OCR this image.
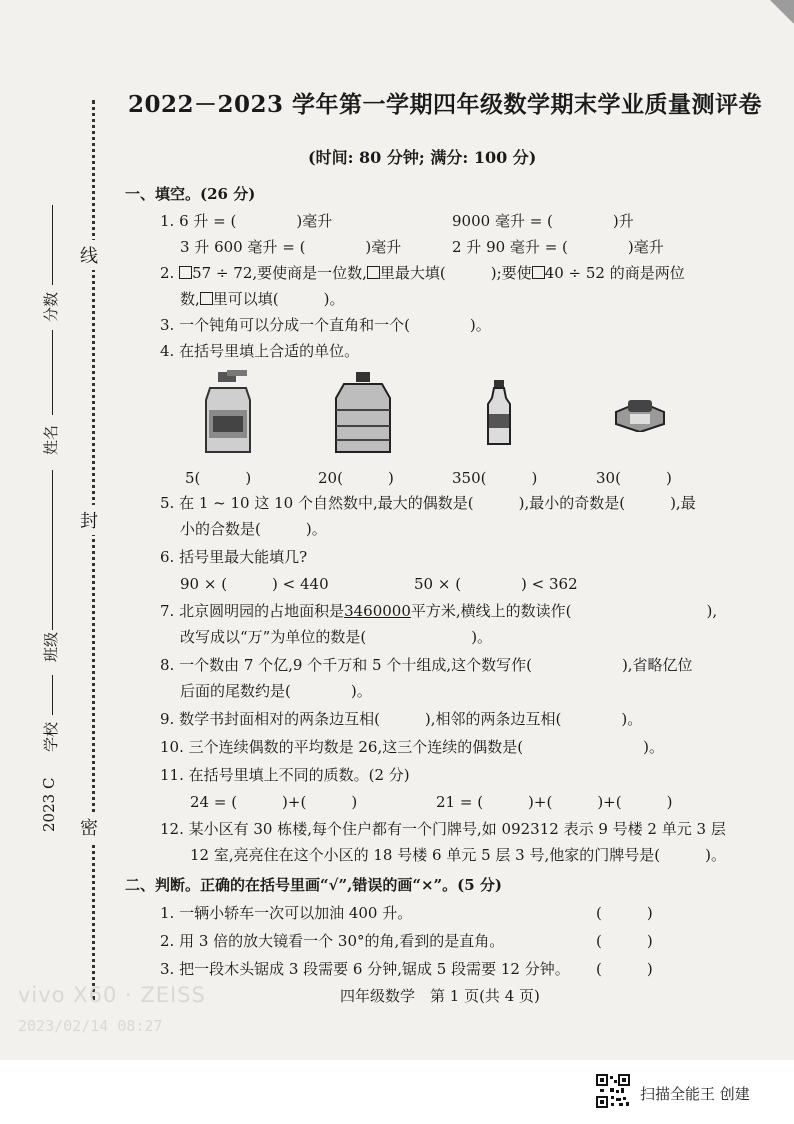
线
封
密
分数
姓名
班级
学校
2023 C
2022－2023 学年第一学期四年级数学期末学业质量测评卷
(时间: 80 分钟; 满分: 100 分)
一、填空。(26 分)
1. 6 升 = (　　　　)毫升	9000 毫升 = (　　　　)升
3 升 600 毫升 = (　　　　)毫升	2 升 90 毫升 = (　　　　)毫升
2. 57 ÷ 72,要使商是一位数, 里最大填(　　　);要使 40 ÷ 52 的商是两位
数, 里可以填(　　　)。
3. 一个钝角可以分成一个直角和一个(　　　　)。
4. 在括号里填上合适的单位。
5(　　　)	20(　　　)	350(　　　)	30(　　　)
5. 在 1 ~ 10 这 10 个自然数中,最大的偶数是(　　　),最小的奇数是(　　　),最
小的合数是(　　　)。
6. 括号里最大能填几?
90 × (　　　) < 440	50 × (　　　　) < 362
7. 北京圆明园的占地面积是3460000平方米,横线上的数读作(　　　　　　　　　),
改写成以“万”为单位的数是(　　　　　　　)。
8. 一个数由 7 个亿,9 个千万和 5 个十组成,这个数写作(　　　　　　),省略亿位
后面的尾数约是(　　　　)。
9. 数学书封面相对的两条边互相(　　　),相邻的两条边互相(　　　　)。
10. 三个连续偶数的平均数是 26,这三个连续的偶数是(　　　　　　　　)。
11. 在括号里填上不同的质数。(2 分)
24 = (　　　)+(　　　)	21 = (　　　)+(　　　)+(　　　)
12. 某小区有 30 栋楼,每个住户都有一个门牌号,如 092312 表示 9 号楼 2 单元 3 层
12 室,亮亮住在这个小区的 18 号楼 6 单元 5 层 3 号,他家的门牌号是(　　　)。
二、判断。正确的在括号里画“√”,错误的画“×”。(5 分)
1. 一辆小轿车一次可以加油 400 升。	(　　　)
2. 用 3 倍的放大镜看一个 30°的角,看到的是直角。	(　　　)
3. 把一段木头锯成 3 段需要 6 分钟,锯成 5 段需要 12 分钟。 (　　　)
四年级数学　第 1 页(共 4 页)
vivo X60 · ZEISS
2023/02/14 08:27
扫描全能王 创建
